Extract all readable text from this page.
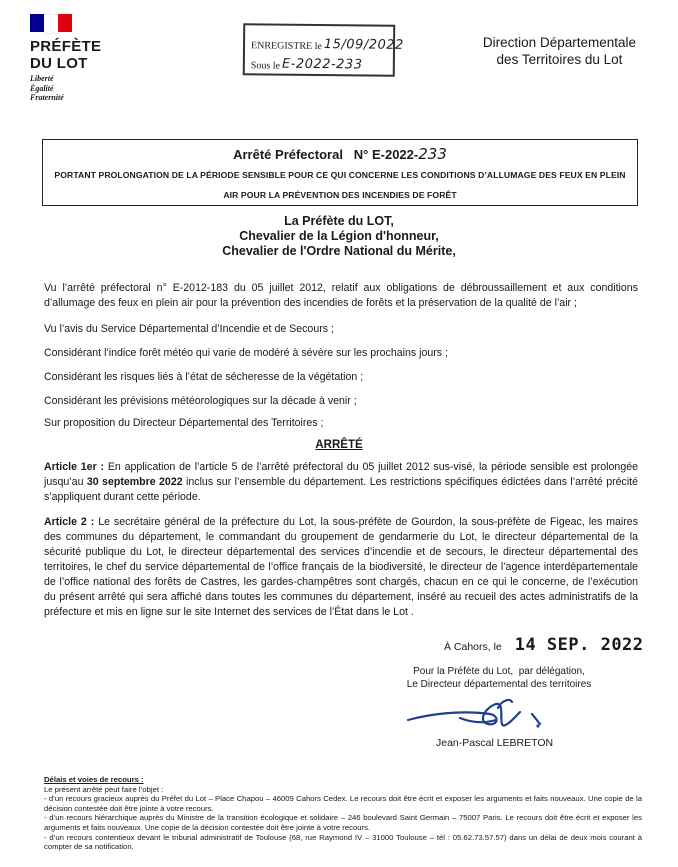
PRÉFÈTE
DU LOT
Liberté
Égalité
Fraternité
ENREGISTRE le 15/09/2022
Sous le E-2022-233
Direction Départementale
des Territoires du Lot
Arrêté Préfectoral   N° E-2022-233
PORTANT PROLONGATION DE LA PÉRIODE SENSIBLE POUR CE QUI CONCERNE LES CONDITIONS D’ALLUMAGE DES FEUX EN PLEIN AIR POUR LA PRÉVENTION DES INCENDIES DE FORÊT
La Préfète du LOT,
Chevalier de la Légion d'honneur,
Chevalier de l'Ordre National du Mérite,

Vu l’arrêté préfectoral n° E-2012-183 du 05 juillet 2012, relatif aux obligations de débroussaillement et aux conditions d’allumage des feux en plein air pour la prévention des incendies de forêts et la préservation de la qualité de l’air ;

Vu l’avis du Service Départemental d’Incendie et de Secours ;

Considérant l’indice forêt météo qui varie de modéré à sévère sur les prochains jours ;

Considérant les risques liés à l’état de sécheresse de la végétation ;

Considérant les prévisions météorologiques sur la décade à venir ;

Sur proposition du Directeur Départemental des Territoires ;

ARRÊTÉ

Article 1er : En application de l’article 5 de l’arrêté préfectoral du 05 juillet 2012 sus-visé, la période sensible est prolongée jusqu’au 30 septembre 2022 inclus sur l’ensemble du département. Les restrictions spécifiques édictées dans l’arrêté précité s’appliquent durant cette période.

Article 2 : Le secrétaire général de la préfecture du Lot, la sous-préfète de Gourdon, la sous-préfète de Figeac, les maires des communes du département, le commandant du groupement de gendarmerie du Lot, le directeur départemental de la sécurité publique du Lot, le directeur départemental des services d’incendie et de secours, le directeur départemental des territoires, le chef du service départemental de l’office français de la biodiversité, le directeur de l’agence interdépartementale de l’office national des forêts de Castres, les gardes-champêtres sont chargés, chacun en ce qui le concerne, de l’exécution du présent arrêté qui sera affiché dans toutes les communes du département, inséré au recueil des actes administratifs de la préfecture et mis en ligne sur le site Internet des services de l’État dans le Lot .

À Cahors, le 14 SEP. 2022
Pour la Préfète du Lot,  par délégation,
Le Directeur départemental des territoires
Jean-Pascal LEBRETON
Délais et voies de recours :

Le présent arrêté peut faire l’objet :

- d’un recours gracieux auprès du Préfet du Lot – Place Chapou – 46009 Cahors Cedex. Le recours doit être écrit et exposer les arguments et faits nouveaux. Une copie de la décision contestée doit être jointe à votre recours.

- d’un recours hiérarchique auprès du Ministre de la transition écologique et solidaire – 246 boulevard Saint Germain – 75007 Paris. Le recours doit être écrit et exposer les arguments et faits nouveaux. Une copie de la décision contestée doit être jointe à votre recours.

- d’un recours contentieux devant le tribunal administratif de Toulouse (68, rue Raymond IV – 31000 Toulouse – tél : 05.62.73.57.57) dans un délai de deux mois courant à compter de sa notification.
